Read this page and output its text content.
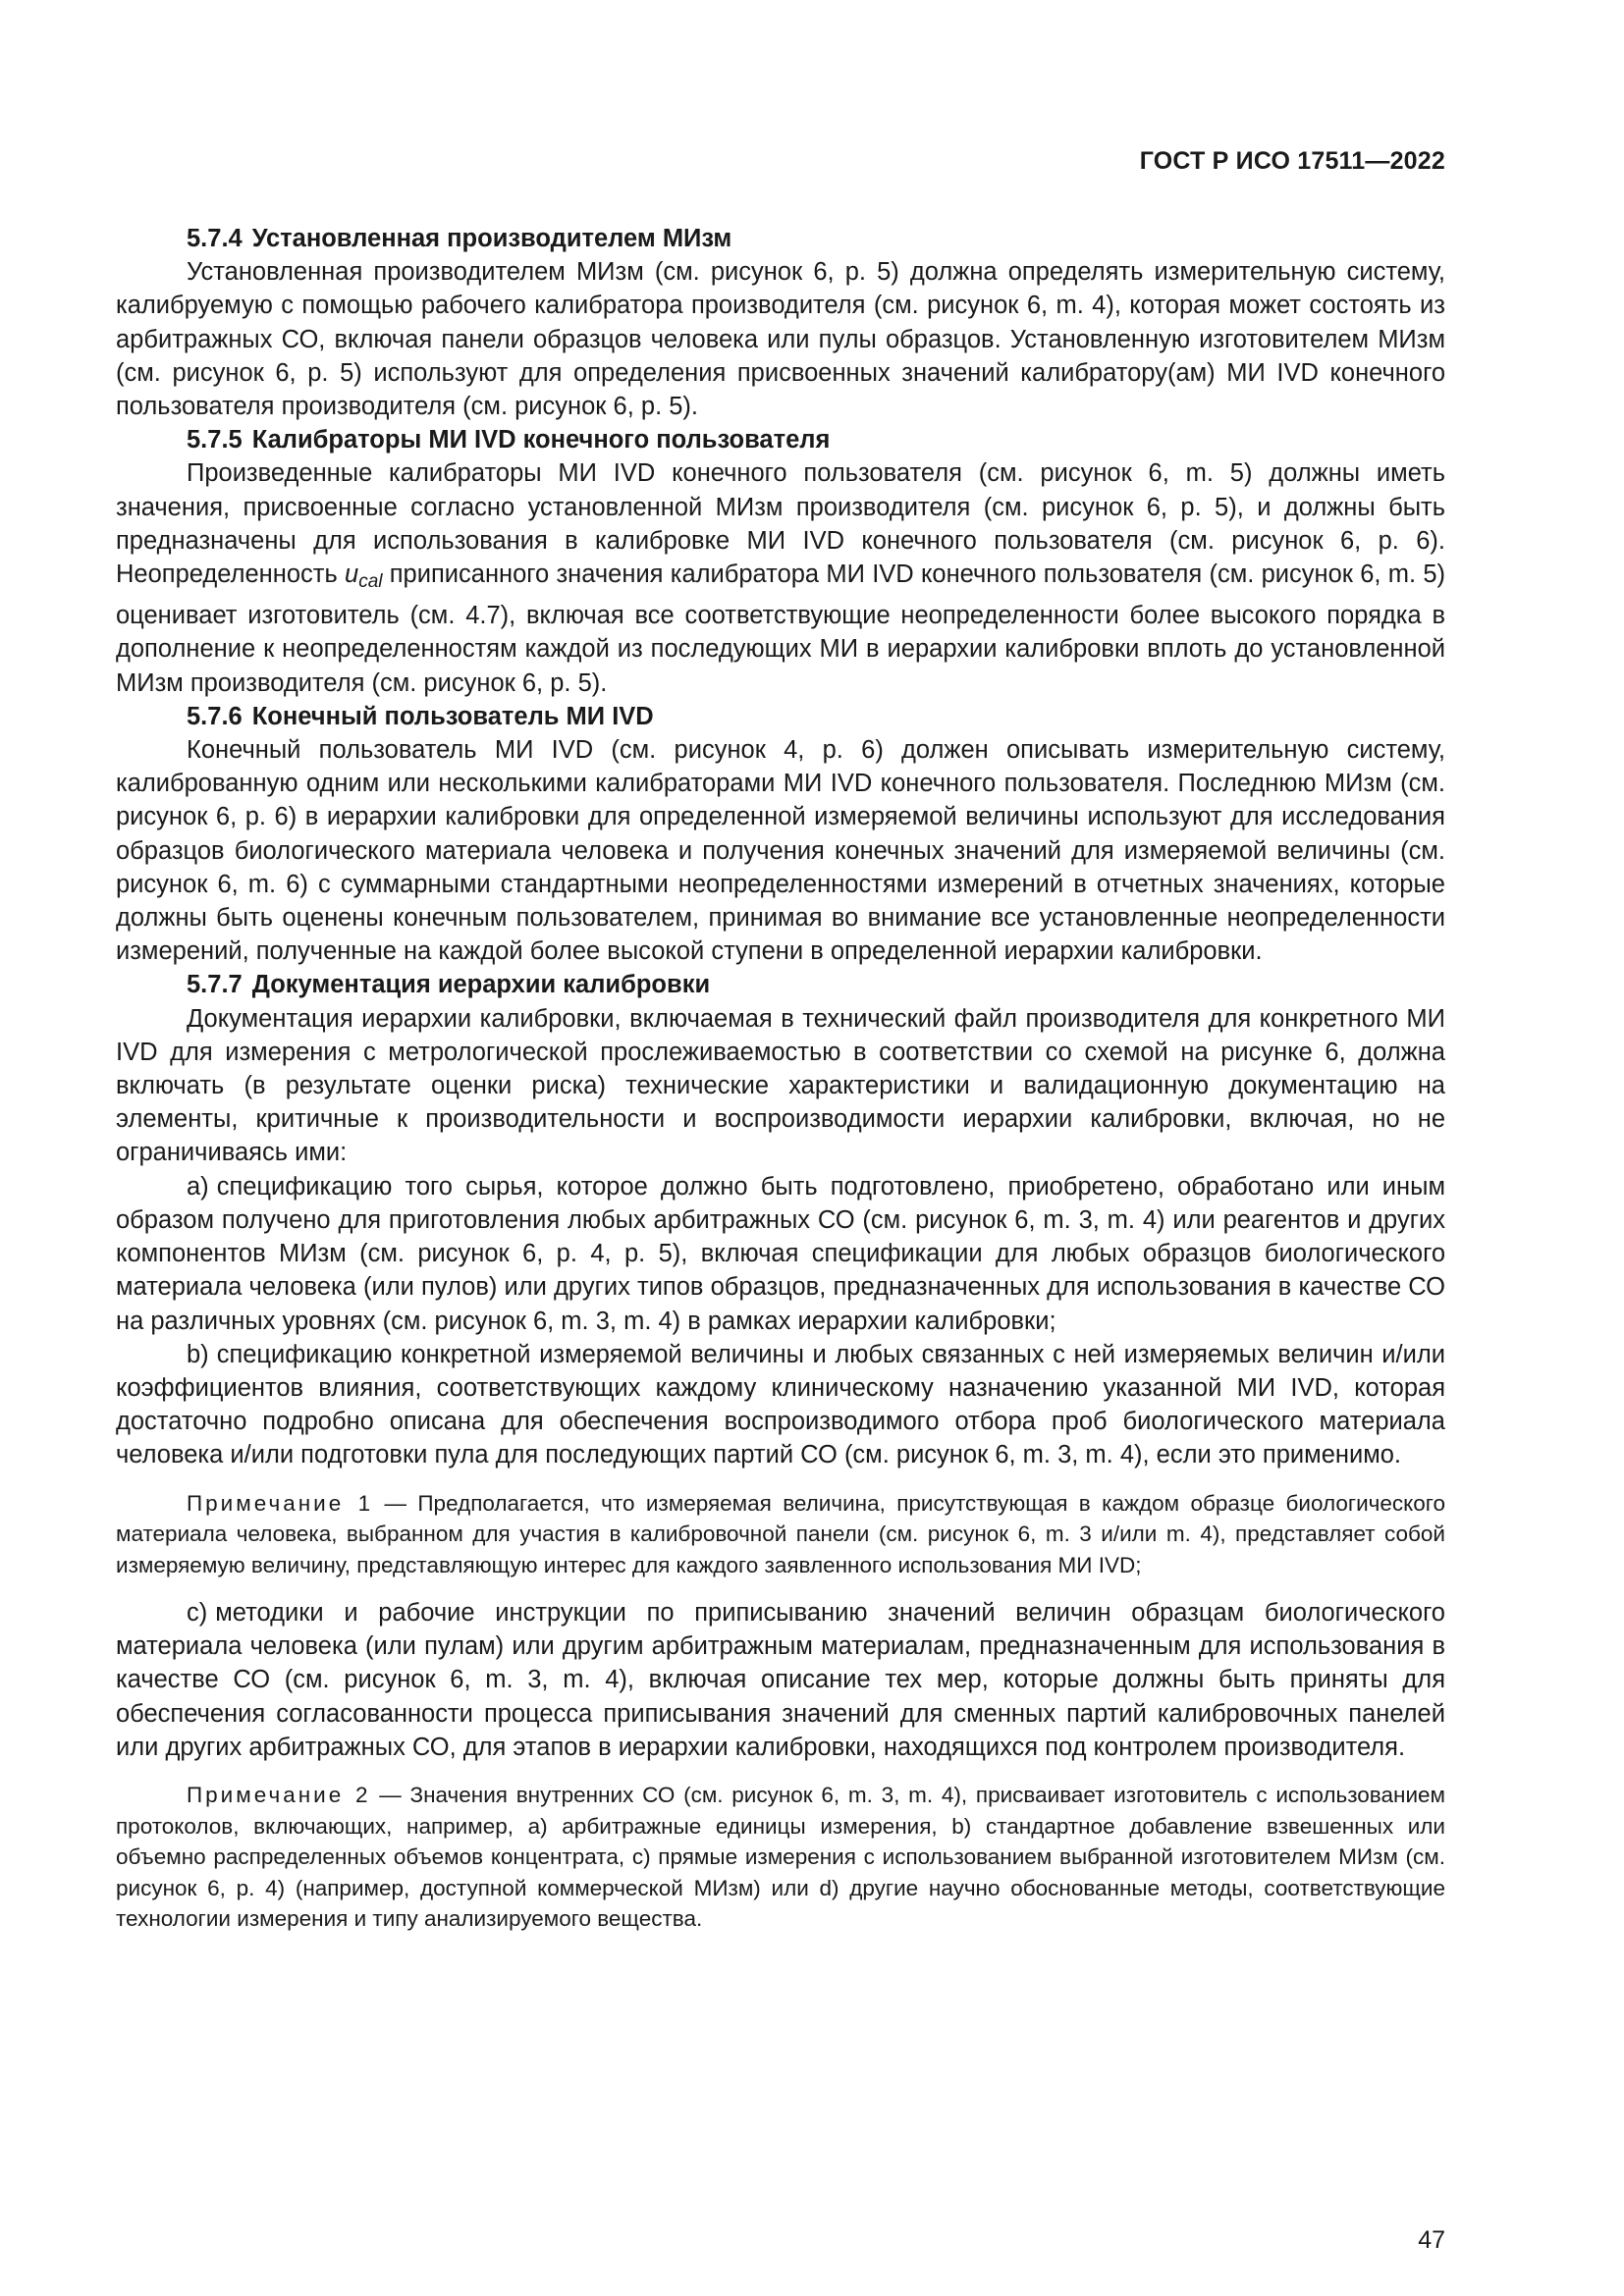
ГОСТ Р ИСО 17511—2022
5.7.4 Установленная производителем МИзм

Установленная производителем МИзм (см. рисунок 6, р. 5) должна определять измерительную систему, калибруемую с помощью рабочего калибратора производителя (см. рисунок 6, m. 4), которая может состоять из арбитражных СО, включая панели образцов человека или пулы образцов. Установленную изготовителем МИзм (см. рисунок 6, р. 5) используют для определения присвоенных значений калибратору(ам) МИ IVD конечного пользователя производителя (см. рисунок 6, р. 5).

5.7.5 Калибраторы МИ IVD конечного пользователя

Произведенные калибраторы МИ IVD конечного пользователя (см. рисунок 6, m. 5) должны иметь значения, присвоенные согласно установленной МИзм производителя (см. рисунок 6, р. 5), и должны быть предназначены для использования в калибровке МИ IVD конечного пользователя (см. рисунок 6, р. 6). Неопределенность $u_{cal}$ приписанного значения калибратора МИ IVD конечного пользователя (см. рисунок 6, m. 5) оценивает изготовитель (см. 4.7), включая все соответствующие неопределенности более высокого порядка в дополнение к неопределенностям каждой из последующих МИ в иерархии калибровки вплоть до установленной МИзм производителя (см. рисунок 6, р. 5).

5.7.6 Конечный пользователь МИ IVD

Конечный пользователь МИ IVD (см. рисунок 4, р. 6) должен описывать измерительную систему, калиброванную одним или несколькими калибраторами МИ IVD конечного пользователя. Последнюю МИзм (см. рисунок 6, р. 6) в иерархии калибровки для определенной измеряемой величины используют для исследования образцов биологического материала человека и получения конечных значений для измеряемой величины (см. рисунок 6, m. 6) с суммарными стандартными неопределенностями измерений в отчетных значениях, которые должны быть оценены конечным пользователем, принимая во внимание все установленные неопределенности измерений, полученные на каждой более высокой ступени в определенной иерархии калибровки.

5.7.7 Документация иерархии калибровки

Документация иерархии калибровки, включаемая в технический файл производителя для конкретного МИ IVD для измерения с метрологической прослеживаемостью в соответствии со схемой на рисунке 6, должна включать (в результате оценки риска) технические характеристики и валидационную документацию на элементы, критичные к производительности и воспроизводимости иерархии калибровки, включая, но не ограничиваясь ими:

а) спецификацию того сырья, которое должно быть подготовлено, приобретено, обработано или иным образом получено для приготовления любых арбитражных СО (см. рисунок 6, m. 3, m. 4) или реагентов и других компонентов МИзм (см. рисунок 6, р. 4, р. 5), включая спецификации для любых образцов биологического материала человека (или пулов) или других типов образцов, предназначенных для использования в качестве СО на различных уровнях (см. рисунок 6, m. 3, m. 4) в рамках иерархии калибровки;

b) спецификацию конкретной измеряемой величины и любых связанных с ней измеряемых величин и/или коэффициентов влияния, соответствующих каждому клиническому назначению указанной МИ IVD, которая достаточно подробно описана для обеспечения воспроизводимого отбора проб биологического материала человека и/или подготовки пула для последующих партий СО (см. рисунок 6, m. 3, m. 4), если это применимо.

Примечание 1 — Предполагается, что измеряемая величина, присутствующая в каждом образце биологического материала человека, выбранном для участия в калибровочной панели (см. рисунок 6, m. 3 и/или m. 4), представляет собой измеряемую величину, представляющую интерес для каждого заявленного использования МИ IVD;

c) методики и рабочие инструкции по приписыванию значений величин образцам биологического материала человека (или пулам) или другим арбитражным материалам, предназначенным для использования в качестве СО (см. рисунок 6, m. 3, m. 4), включая описание тех мер, которые должны быть приняты для обеспечения согласованности процесса приписывания значений для сменных партий калибровочных панелей или других арбитражных СО, для этапов в иерархии калибровки, находящихся под контролем производителя.

Примечание 2 — Значения внутренних СО (см. рисунок 6, m. 3, m. 4), присваивает изготовитель с использованием протоколов, включающих, например, а) арбитражные единицы измерения, b) стандартное добавление взвешенных или объемно распределенных объемов концентрата, c) прямые измерения с использованием выбранной изготовителем МИзм (см. рисунок 6, р. 4) (например, доступной коммерческой МИзм) или d) другие научно обоснованные методы, соответствующие технологии измерения и типу анализируемого вещества.

47
